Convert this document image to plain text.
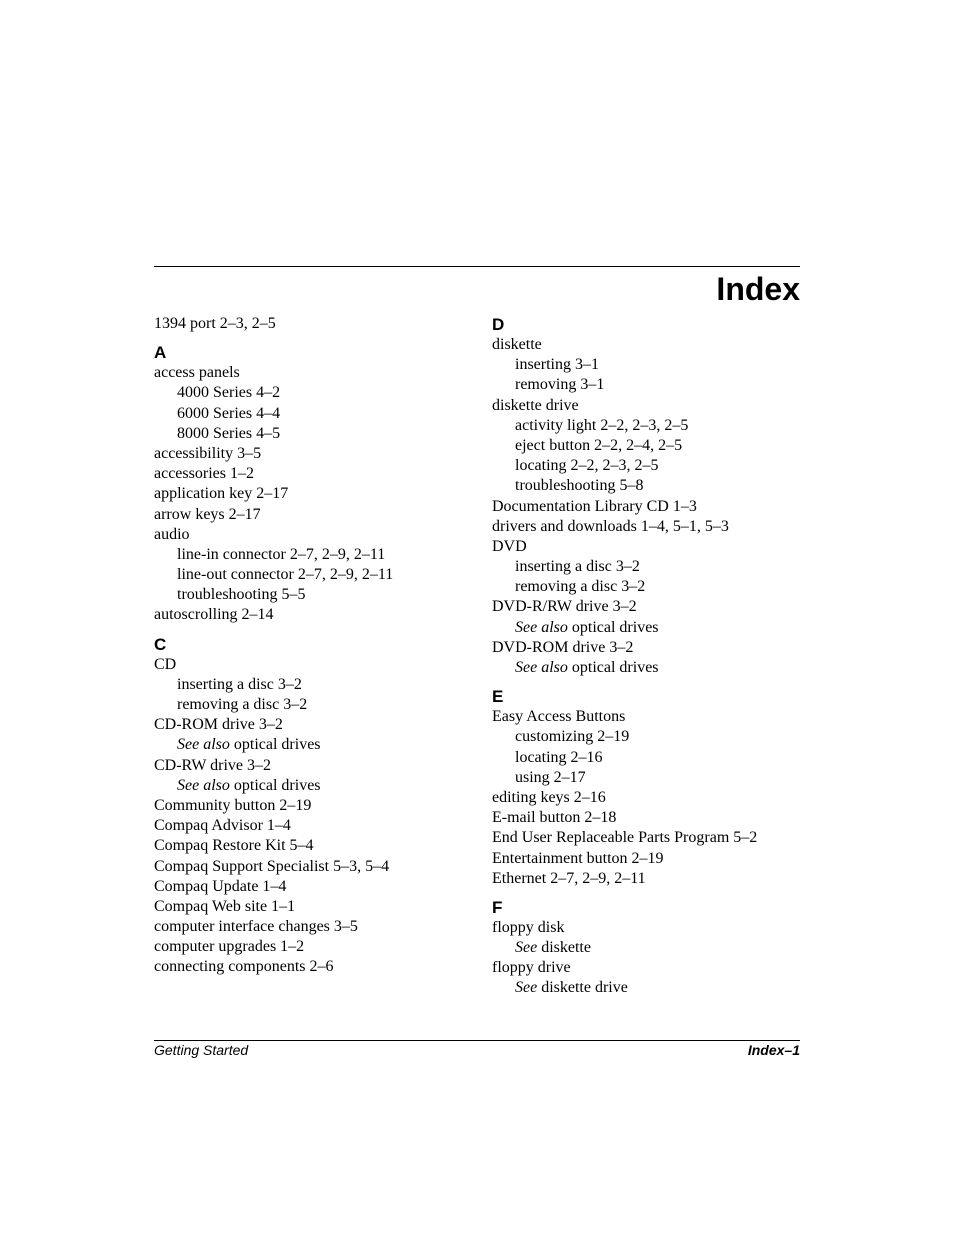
Index
1394 port 2–3, 2–5
A
access panels
4000 Series 4–2
6000 Series 4–4
8000 Series 4–5
accessibility 3–5
accessories 1–2
application key 2–17
arrow keys 2–17
audio
line-in connector 2–7, 2–9, 2–11
line-out connector 2–7, 2–9, 2–11
troubleshooting 5–5
autoscrolling 2–14
C
CD
inserting a disc 3–2
removing a disc 3–2
CD-ROM drive 3–2
See also optical drives
CD-RW drive 3–2
See also optical drives
Community button 2–19
Compaq Advisor 1–4
Compaq Restore Kit 5–4
Compaq Support Specialist 5–3, 5–4
Compaq Update 1–4
Compaq Web site 1–1
computer interface changes 3–5
computer upgrades 1–2
connecting components 2–6
D
diskette
inserting 3–1
removing 3–1
diskette drive
activity light 2–2, 2–3, 2–5
eject button 2–2, 2–4, 2–5
locating 2–2, 2–3, 2–5
troubleshooting 5–8
Documentation Library CD 1–3
drivers and downloads 1–4, 5–1, 5–3
DVD
inserting a disc 3–2
removing a disc 3–2
DVD-R/RW drive 3–2
See also optical drives
DVD-ROM drive 3–2
See also optical drives
E
Easy Access Buttons
customizing 2–19
locating 2–16
using 2–17
editing keys 2–16
E-mail button 2–18
End User Replaceable Parts Program 5–2
Entertainment button 2–19
Ethernet 2–7, 2–9, 2–11
F
floppy disk
See diskette
floppy drive
See diskette drive
Getting Started	Index–1
